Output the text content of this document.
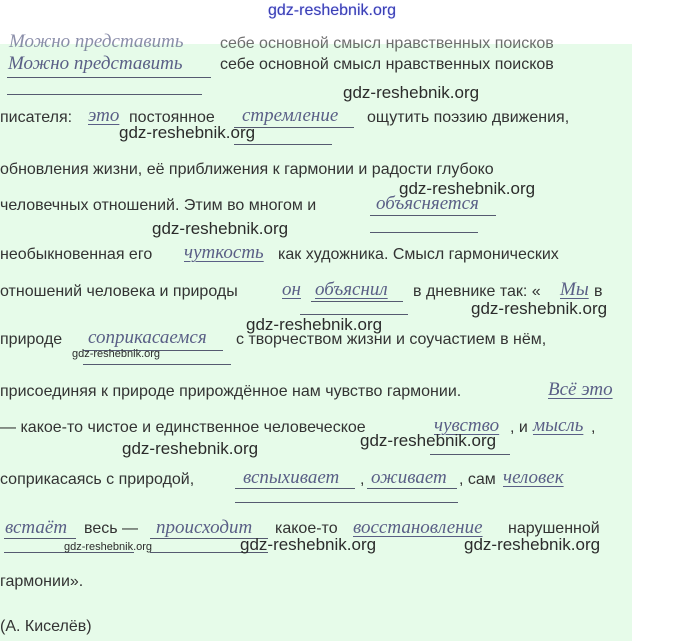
gdz-reshebnik.org
Можно представить себе основной смысл нравственных поисков
Можно представить себе основной смысл нравственных поисков
писателя: это постоянное стремление ощутить поэзию движения,
обновления жизни, её приближения к гармонии и радости глубоко
человечных отношений. Этим во многом и	объясняется
необыкновенная его чуткость как художника. Смысл гармонических
отношений человека и природы он объяснил в дневнике так: « Мы в
природе соприкасаемся с творчеством жизни и соучастием в нём,
присоединяя к природе прирождённое нам чувство гармонии.	Всё это
— какое-то чистое и единственное человеческое	чувство , и мысль ,
соприкасаясь с природой,	вспыхивает , оживает , сам человек
встаёт весь — происходит какое-то восстановление нарушенной
гармонии».
(А. Киселёв)
gdz-reshebnik.org
gdz-reshebnik.org
gdz-reshebnik.org
gdz-reshebnik.org
gdz-reshebnik.org
gdz-reshebnik.org
gdz-reshebnik.org
gdz-reshebnik.org	gdz-reshebnik.org
gdz-reshebnik.org	gdz-reshebnik.org	gdz-reshebnik.org
